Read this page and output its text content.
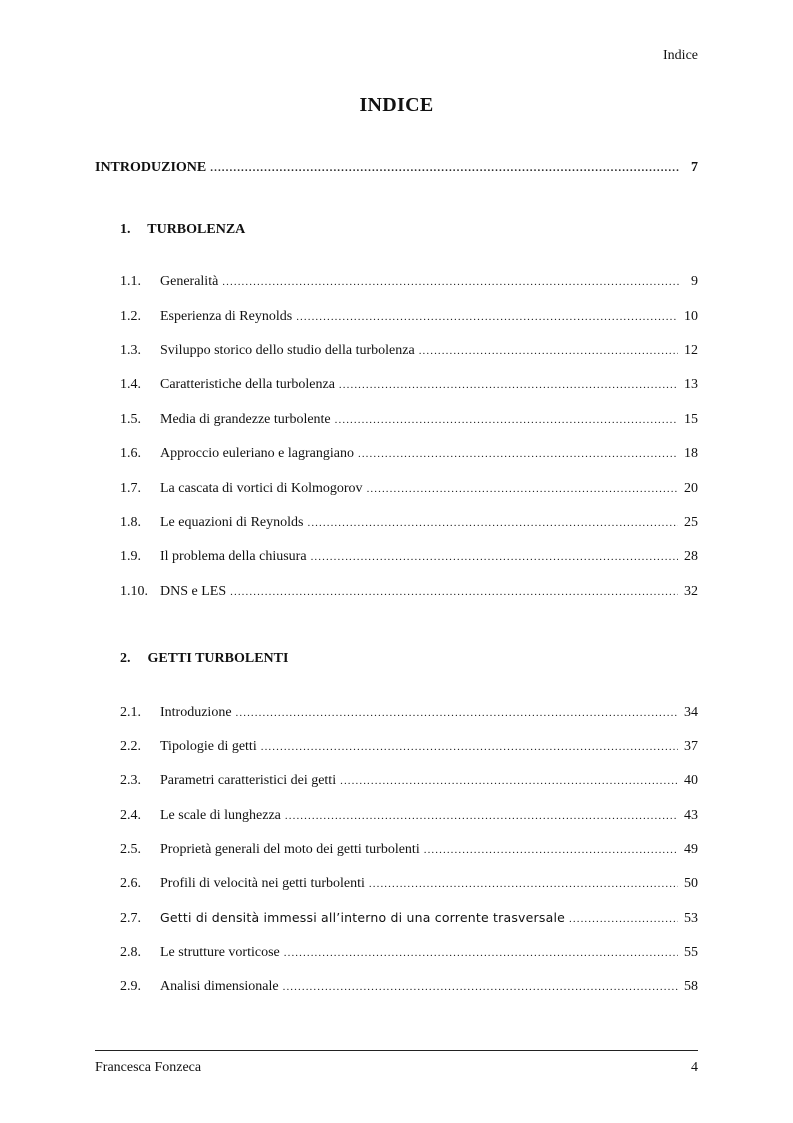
Indice
INDICE
INTRODUZIONE .....	7
1. TURBOLENZA
1.1.	Generalità .....	9
1.2.	Esperienza di Reynolds .....	10
1.3.	Sviluppo storico dello studio della turbolenza .....	12
1.4.	Caratteristiche della turbolenza .....	13
1.5.	Media di grandezze turbolente .....	15
1.6.	Approccio euleriano e lagrangiano .....	18
1.7.	La cascata di vortici di Kolmogorov .....	20
1.8.	Le equazioni di Reynolds .....	25
1.9.	Il problema della chiusura .....	28
1.10. DNS e LES .....	32
2. GETTI TURBOLENTI
2.1.	Introduzione .....	34
2.2.	Tipologie di getti .....	37
2.3.	Parametri caratteristici dei getti .....	40
2.4.	Le scale di lunghezza .....	43
2.5.	Proprietà generali del moto dei getti turbolenti .....	49
2.6.	Profili di velocità nei getti turbolenti .....	50
2.7.	Getti di densità immessi all’interno di una corrente trasversale .....	53
2.8.	Le strutture vorticose .....	55
2.9.	Analisi dimensionale .....	58
Francesca Fonzeca	4
